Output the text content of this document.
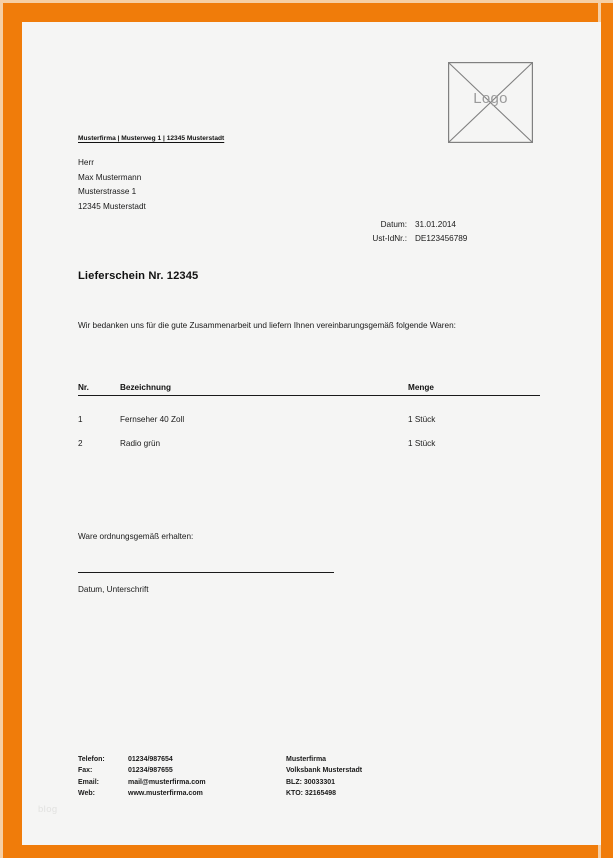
Logo
Musterfirma | Musterweg 1 | 12345 Musterstadt
Herr
Max Mustermann
Musterstrasse 1
12345 Musterstadt
Datum: 31.01.2014
Ust-IdNr.: DE123456789
Lieferschein Nr. 12345
Wir bedanken uns für die gute Zusammenarbeit und liefern Ihnen vereinbarungsgemäß folgende Waren:
Nr.	Bezeichnung	Menge
1	Fernseher 40 Zoll	1 Stück
2	Radio grün	1 Stück
Ware ordnungsgemäß erhalten:
Datum, Unterschrift
Telefon:	01234/987654
Fax:	01234/987655
Email:	mail@musterfirma.com
Web:	www.musterfirma.com
Musterfirma
Volksbank Musterstadt
BLZ: 30033301
KTO: 32165498
blog
